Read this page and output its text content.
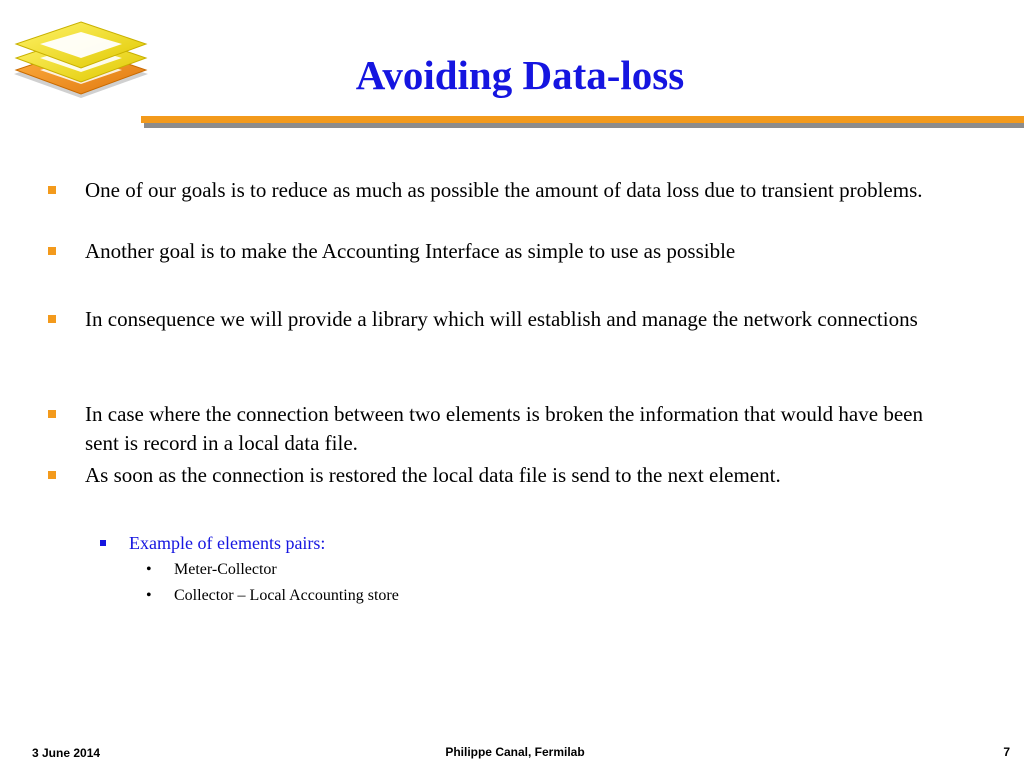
Avoiding Data-loss
One of our goals is to reduce as much as possible the amount of data loss due to transient problems.
Another goal is to make the Accounting Interface as simple to use as possible
In consequence we will provide a library which will establish and manage the network connections
In case where the connection between two elements is broken the information that would have been sent is record in a local data file.
As soon as the connection is restored the local data file is send to the next element.
Example of elements pairs:
• Meter-Collector
• Collector – Local Accounting store
3 June 2014	Philippe Canal, Fermilab	7
